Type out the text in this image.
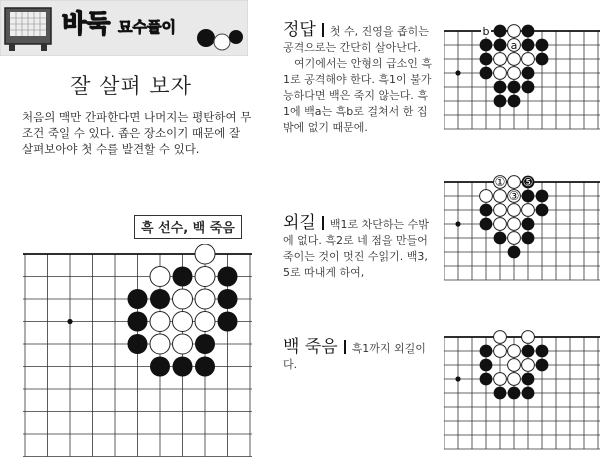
바둑 묘수풀이
잘 살펴 보자
처음의 맥만 간파한다면 나머지는 평탄하여 무조건 죽일 수 있다. 좁은 장소이기 때문에 잘 살펴보아야 첫 수를 발견할 수 있다.
흑 선수, 백 죽음
b
a
① ⑤
③

정답 첫 수, 진영을 좁히는 공격으로는 간단히 살아난다.

여기에서는 안형의 급소인 흑1로 공격해야 한다. 흑1이 불가능하다면 백은 죽지 않는다. 흑1에 백a는 흑b로 걸쳐서 한 집밖에 없기 때문에.

외길 백1로 차단하는 수밖에 없다. 흑2로 네 점을 만들어 죽이는 것이 멋진 수읽기. 백3, 5로 따내게 하여,

백 죽음 흑1까지 외길이다.
